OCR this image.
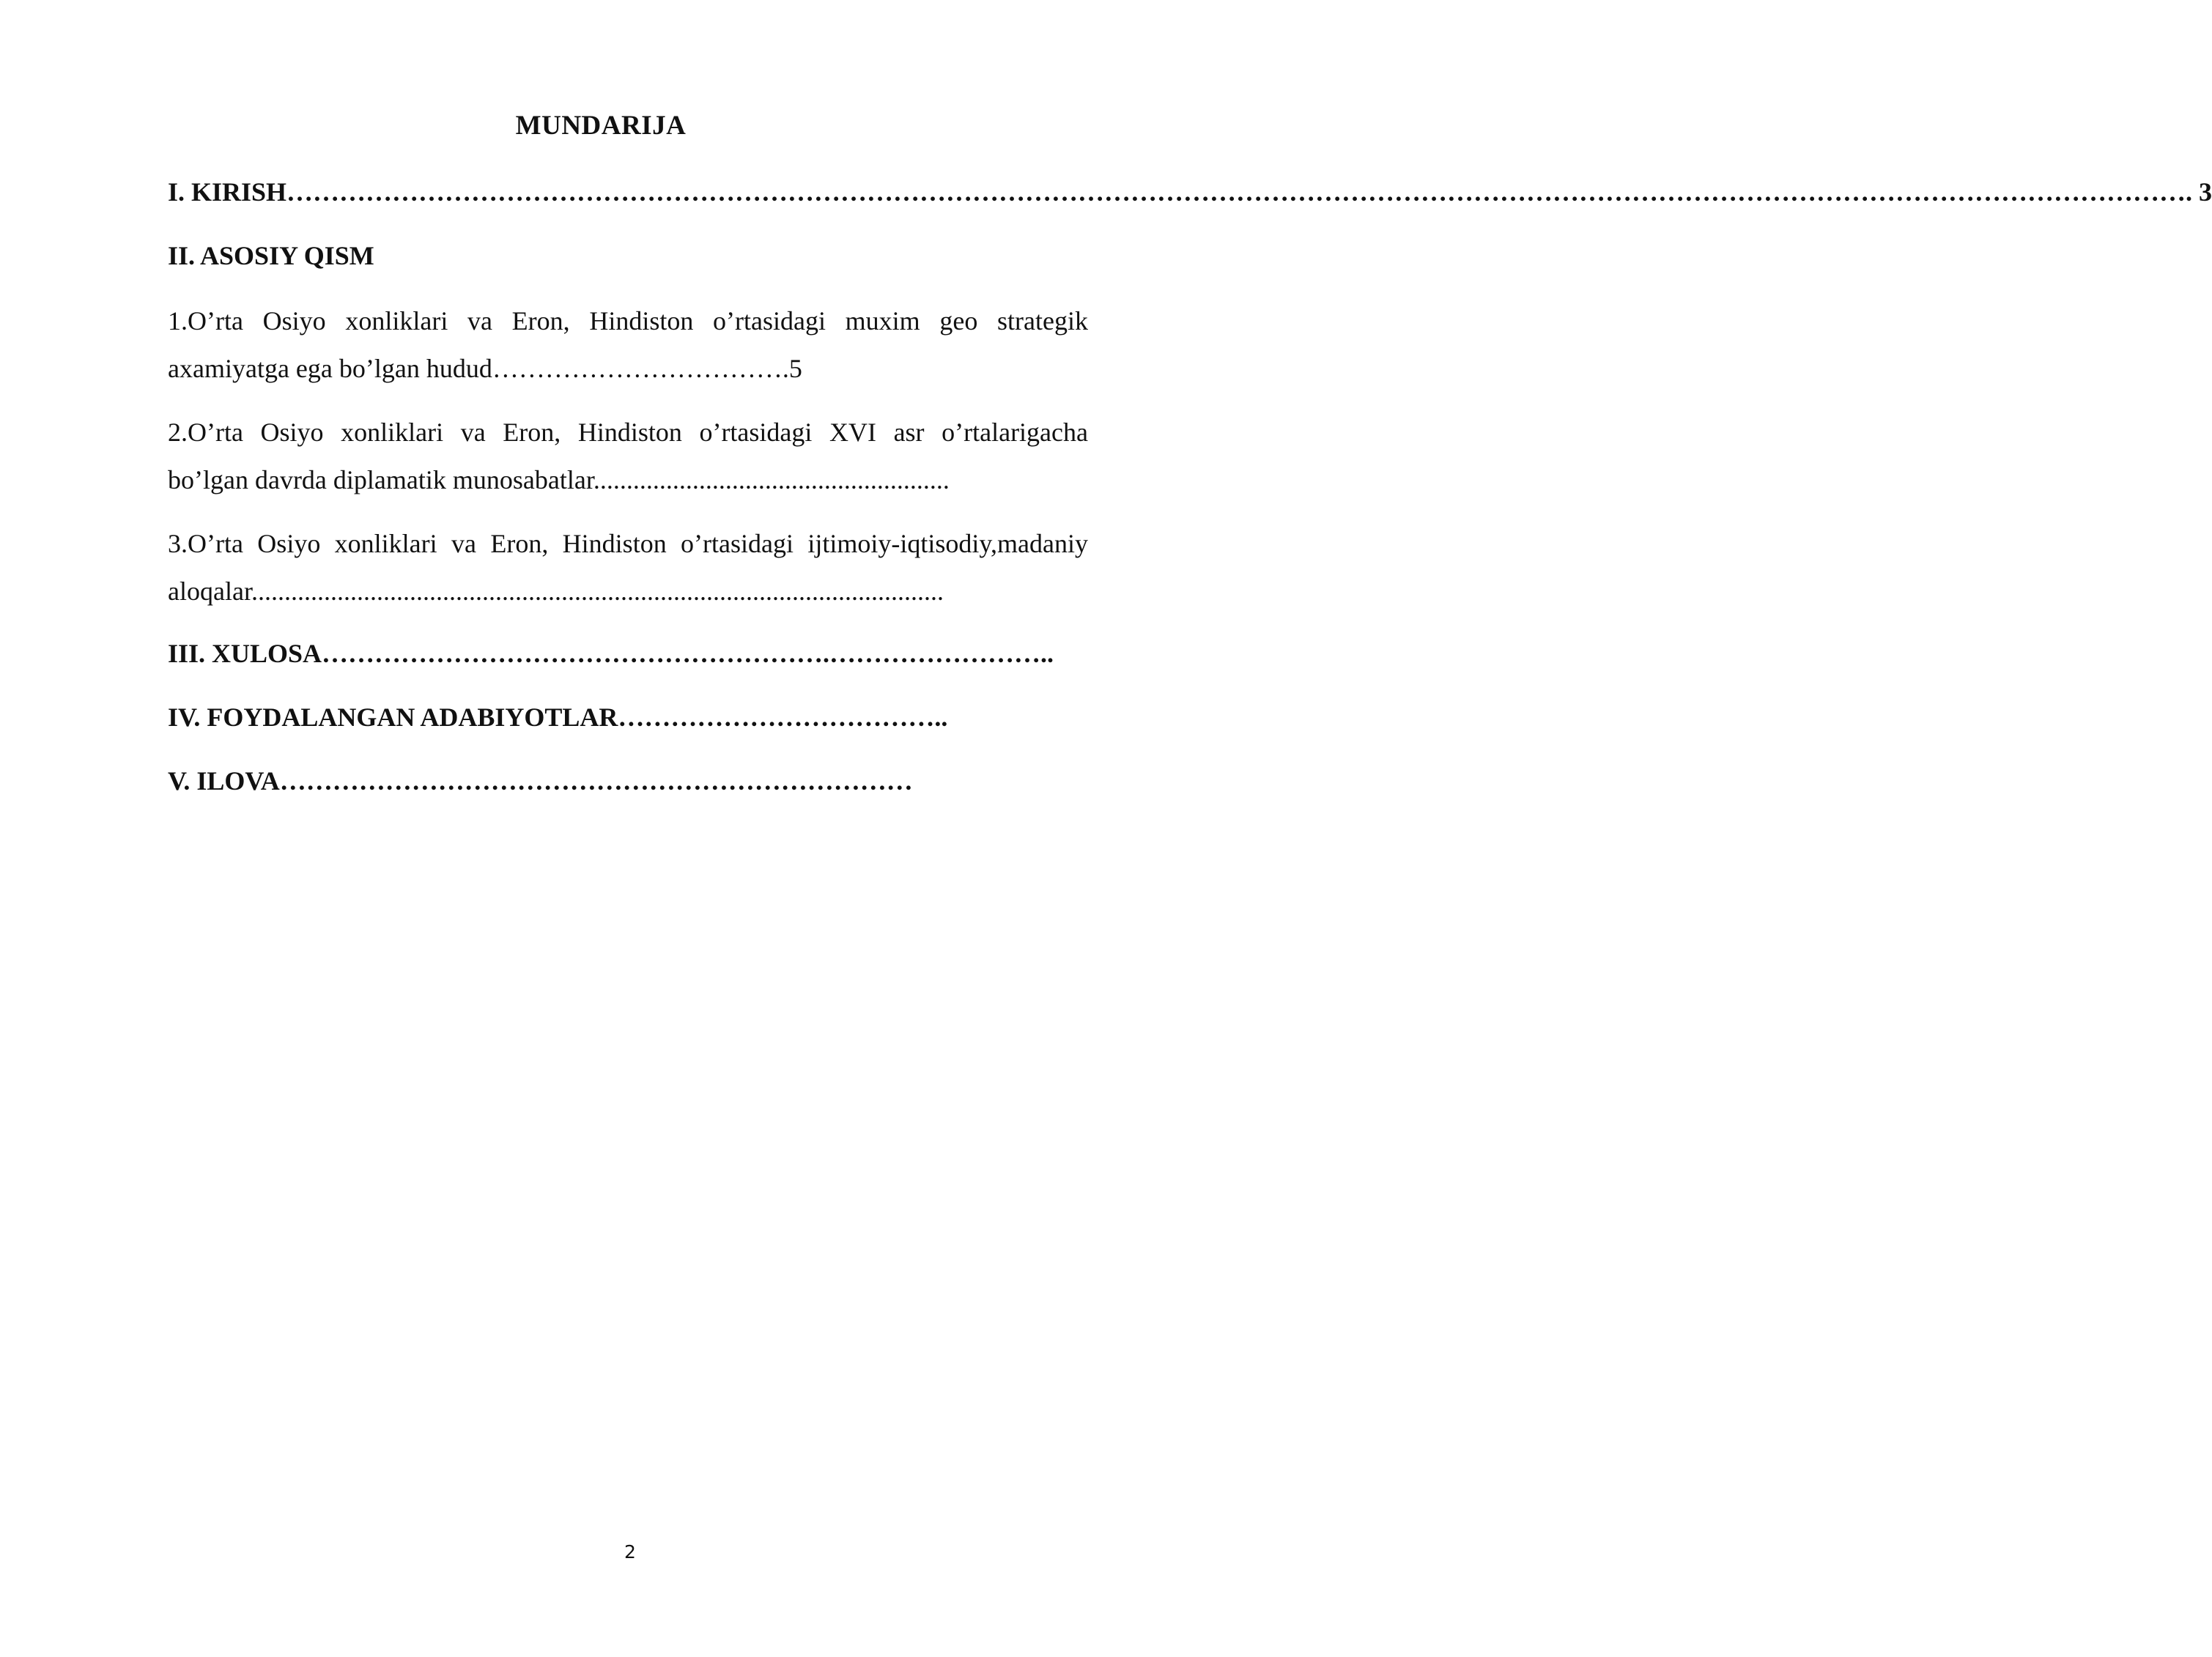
MUNDARIJA
I. KIRISH………………………………………………………………………………………………………………………………………………………………………………………………. 3
II. ASOSIY QISM
1.O’rta Osiyo xonliklari va Eron, Hindiston o’rtasidagi muxim geo strategik
axamiyatga ega bo’lgan hudud…………………………….5
2.O’rta Osiyo xonliklari va Eron, Hindiston o’rtasidagi XVI asr o’rtalarigacha
bo’lgan davrda diplamatik munosabatlar......................................................
3.O’rta Osiyo xonliklari va Eron, Hindiston o’rtasidagi ijtimoiy-iqtisodiy,madaniy
aloqalar.........................................................................................................
III. XULOSA………………………………………………….……………………..
IV. FOYDALANGAN ADABIYOTLAR………………………………..
V. ILOVA………………………………………………………………
2
